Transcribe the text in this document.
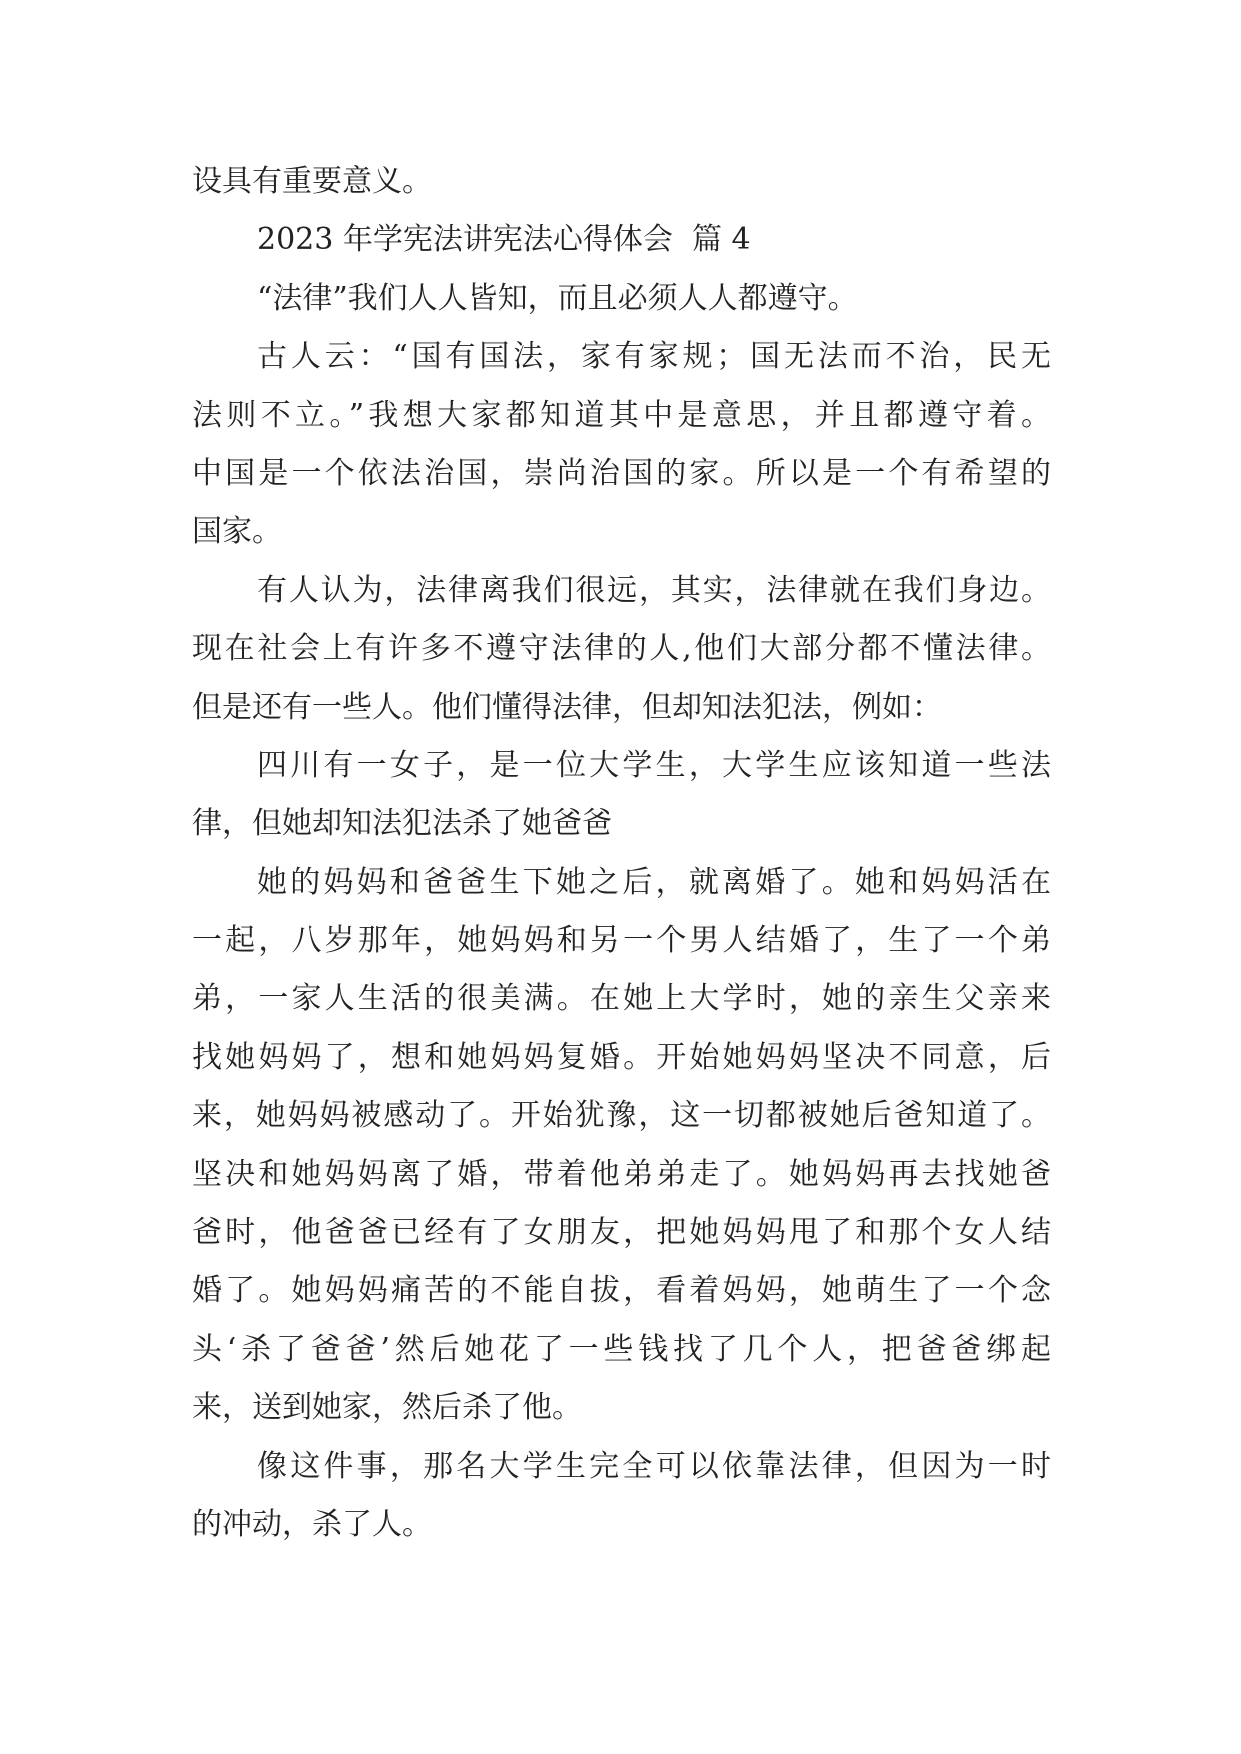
设具有重要意义。
2023 年学宪法讲宪法心得体会  篇 4
“法律”我们人人皆知，而且必须人人都遵守。
古人云：“国有国法，家有家规；国无法而不治，民无
法则不立。”我想大家都知道其中是意思，并且都遵守着。
中国是一个依法治国，崇尚治国的家。所以是一个有希望的
国家。
有人认为，法律离我们很远，其实，法律就在我们身边。
现在社会上有许多不遵守法律的人,他们大部分都不懂法律。
但是还有一些人。他们懂得法律，但却知法犯法，例如：
四川有一女子，是一位大学生，大学生应该知道一些法
律，但她却知法犯法杀了她爸爸
她的妈妈和爸爸生下她之后，就离婚了。她和妈妈活在
一起，八岁那年，她妈妈和另一个男人结婚了，生了一个弟
弟，一家人生活的很美满。在她上大学时，她的亲生父亲来
找她妈妈了，想和她妈妈复婚。开始她妈妈坚决不同意，后
来，她妈妈被感动了。开始犹豫，这一切都被她后爸知道了。
坚决和她妈妈离了婚，带着他弟弟走了。她妈妈再去找她爸
爸时，他爸爸已经有了女朋友，把她妈妈甩了和那个女人结
婚了。她妈妈痛苦的不能自拔，看着妈妈，她萌生了一个念
头‘杀了爸爸’然后她花了一些钱找了几个人，把爸爸绑起
来，送到她家，然后杀了他。
像这件事，那名大学生完全可以依靠法律，但因为一时
的冲动，杀了人。
